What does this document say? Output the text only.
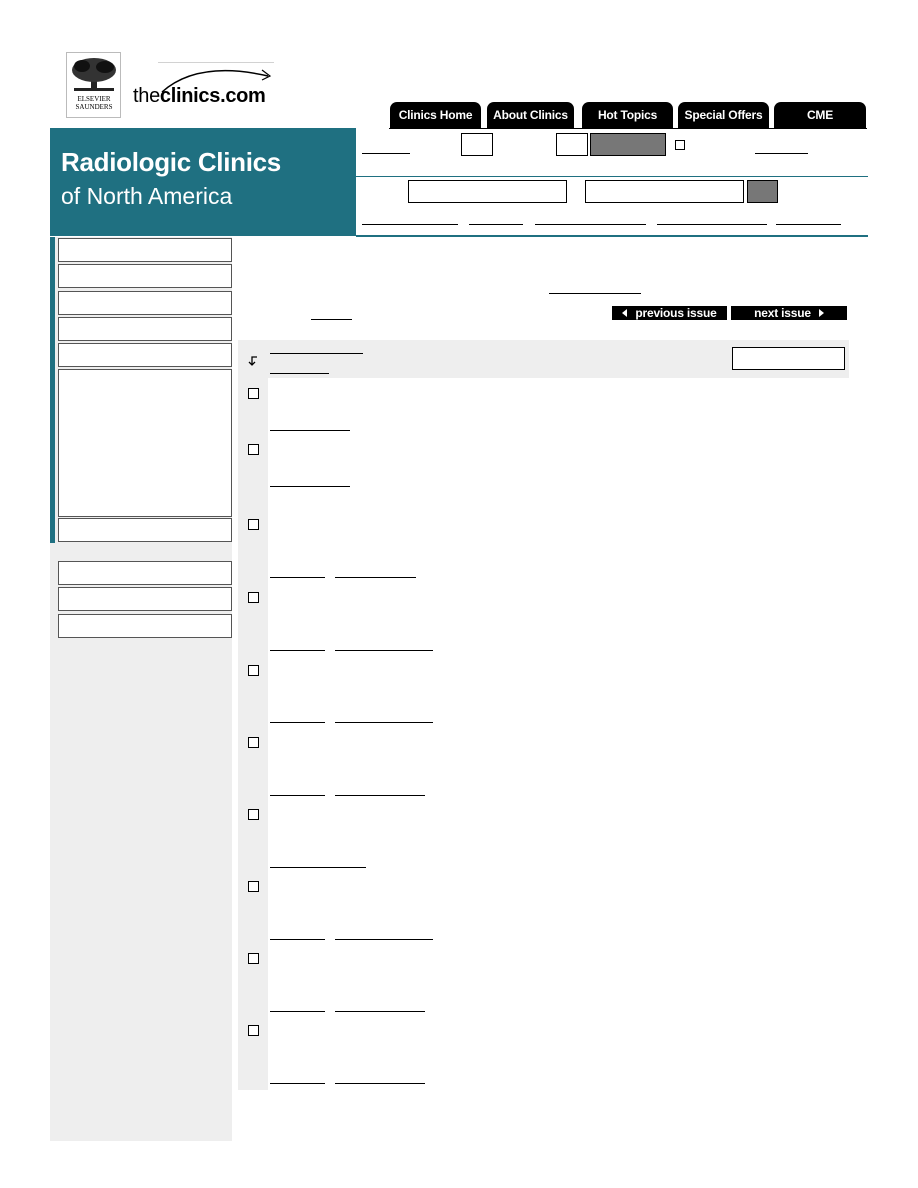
ELSEVIER
SAUNDERS	theclinics.com
Clinics Home	About Clinics	Hot Topics	Special Offers	CME
Radiologic Clinics
of North America
previous issue	next issue
